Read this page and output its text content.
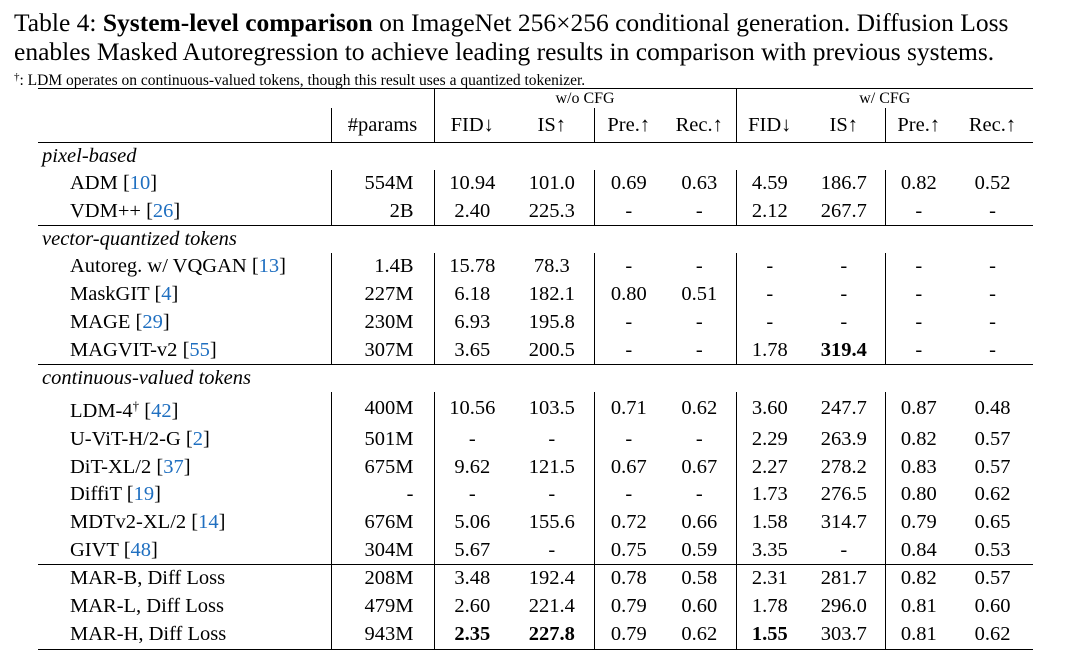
Table 4: System-level comparison on ImageNet 256×256 conditional generation. Diffusion Loss enables Masked Autoregression to achieve leading results in comparison with previous systems.
†: LDM operates on continuous-valued tokens, though this result uses a quantized tokenizer.
		w/o CFG				w/ CFG			
	#params	FID↓	IS↑	Pre.↑	Rec.↑	FID↓	IS↑	Pre.↑	Rec.↑
pixel-based									
ADM [10]	554M	10.94	101.0	0.69	0.63	4.59	186.7	0.82	0.52
VDM++ [26]	2B	2.40	225.3	-	-	2.12	267.7	-	-
vector-quantized tokens									
Autoreg. w/ VQGAN [13]	1.4B	15.78	78.3	-	-	-	-	-	-
MaskGIT [4]	227M	6.18	182.1	0.80	0.51	-	-	-	-
MAGE [29]	230M	6.93	195.8	-	-	-	-	-	-
MAGVIT-v2 [55]	307M	3.65	200.5	-	-	1.78	319.4	-	-
continuous-valued tokens									
LDM-4† [42]	400M	10.56	103.5	0.71	0.62	3.60	247.7	0.87	0.48
U-ViT-H/2-G [2]	501M	-	-	-	-	2.29	263.9	0.82	0.57
DiT-XL/2 [37]	675M	9.62	121.5	0.67	0.67	2.27	278.2	0.83	0.57
DiffiT [19]	-	-	-	-	-	1.73	276.5	0.80	0.62
MDTv2-XL/2 [14]	676M	5.06	155.6	0.72	0.66	1.58	314.7	0.79	0.65
GIVT [48]	304M	5.67	-	0.75	0.59	3.35	-	0.84	0.53
MAR-B, Diff Loss	208M	3.48	192.4	0.78	0.58	2.31	281.7	0.82	0.57
MAR-L, Diff Loss	479M	2.60	221.4	0.79	0.60	1.78	296.0	0.81	0.60
MAR-H, Diff Loss	943M	2.35	227.8	0.79	0.62	1.55	303.7	0.81	0.62
